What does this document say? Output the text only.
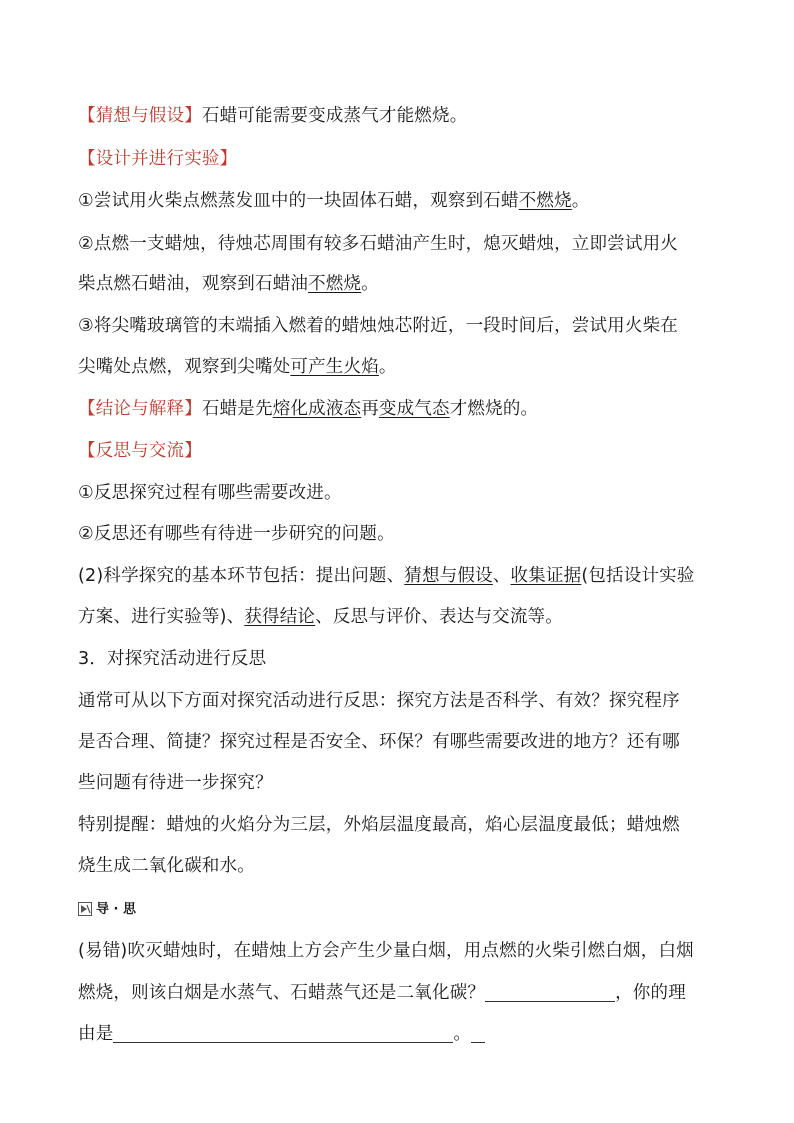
【猜想与假设】石蜡可能需要变成蒸气才能燃烧。
【设计并进行实验】
①尝试用火柴点燃蒸发皿中的一块固体石蜡，观察到石蜡不燃烧。
②点燃一支蜡烛，待烛芯周围有较多石蜡油产生时，熄灭蜡烛，立即尝试用火
柴点燃石蜡油，观察到石蜡油不燃烧。
③将尖嘴玻璃管的末端插入燃着的蜡烛烛芯附近，一段时间后，尝试用火柴在
尖嘴处点燃，观察到尖嘴处可产生火焰。
【结论与解释】石蜡是先熔化成液态再变成气态才燃烧的。
【反思与交流】
①反思探究过程有哪些需要改进。
②反思还有哪些有待进一步研究的问题。
(2)科学探究的基本环节包括：提出问题、猜想与假设、收集证据(包括设计实验
方案、进行实验等)、获得结论、反思与评价、表达与交流等。
3．对探究活动进行反思
通常可从以下方面对探究活动进行反思：探究方法是否科学、有效？探究程序
是否合理、简捷？探究过程是否安全、环保？有哪些需要改进的地方？还有哪
些问题有待进一步探究？
特别提醒：蜡烛的火焰分为三层，外焰层温度最高，焰心层温度最低；蜡烛燃
烧生成二氧化碳和水。
导 · 思
(易错)吹灭蜡烛时，在蜡烛上方会产生少量白烟，用点燃的火柴引燃白烟，白烟
燃烧，则该白烟是水蒸气、石蜡蒸气还是二氧化碳？	，你的理
由是	。
